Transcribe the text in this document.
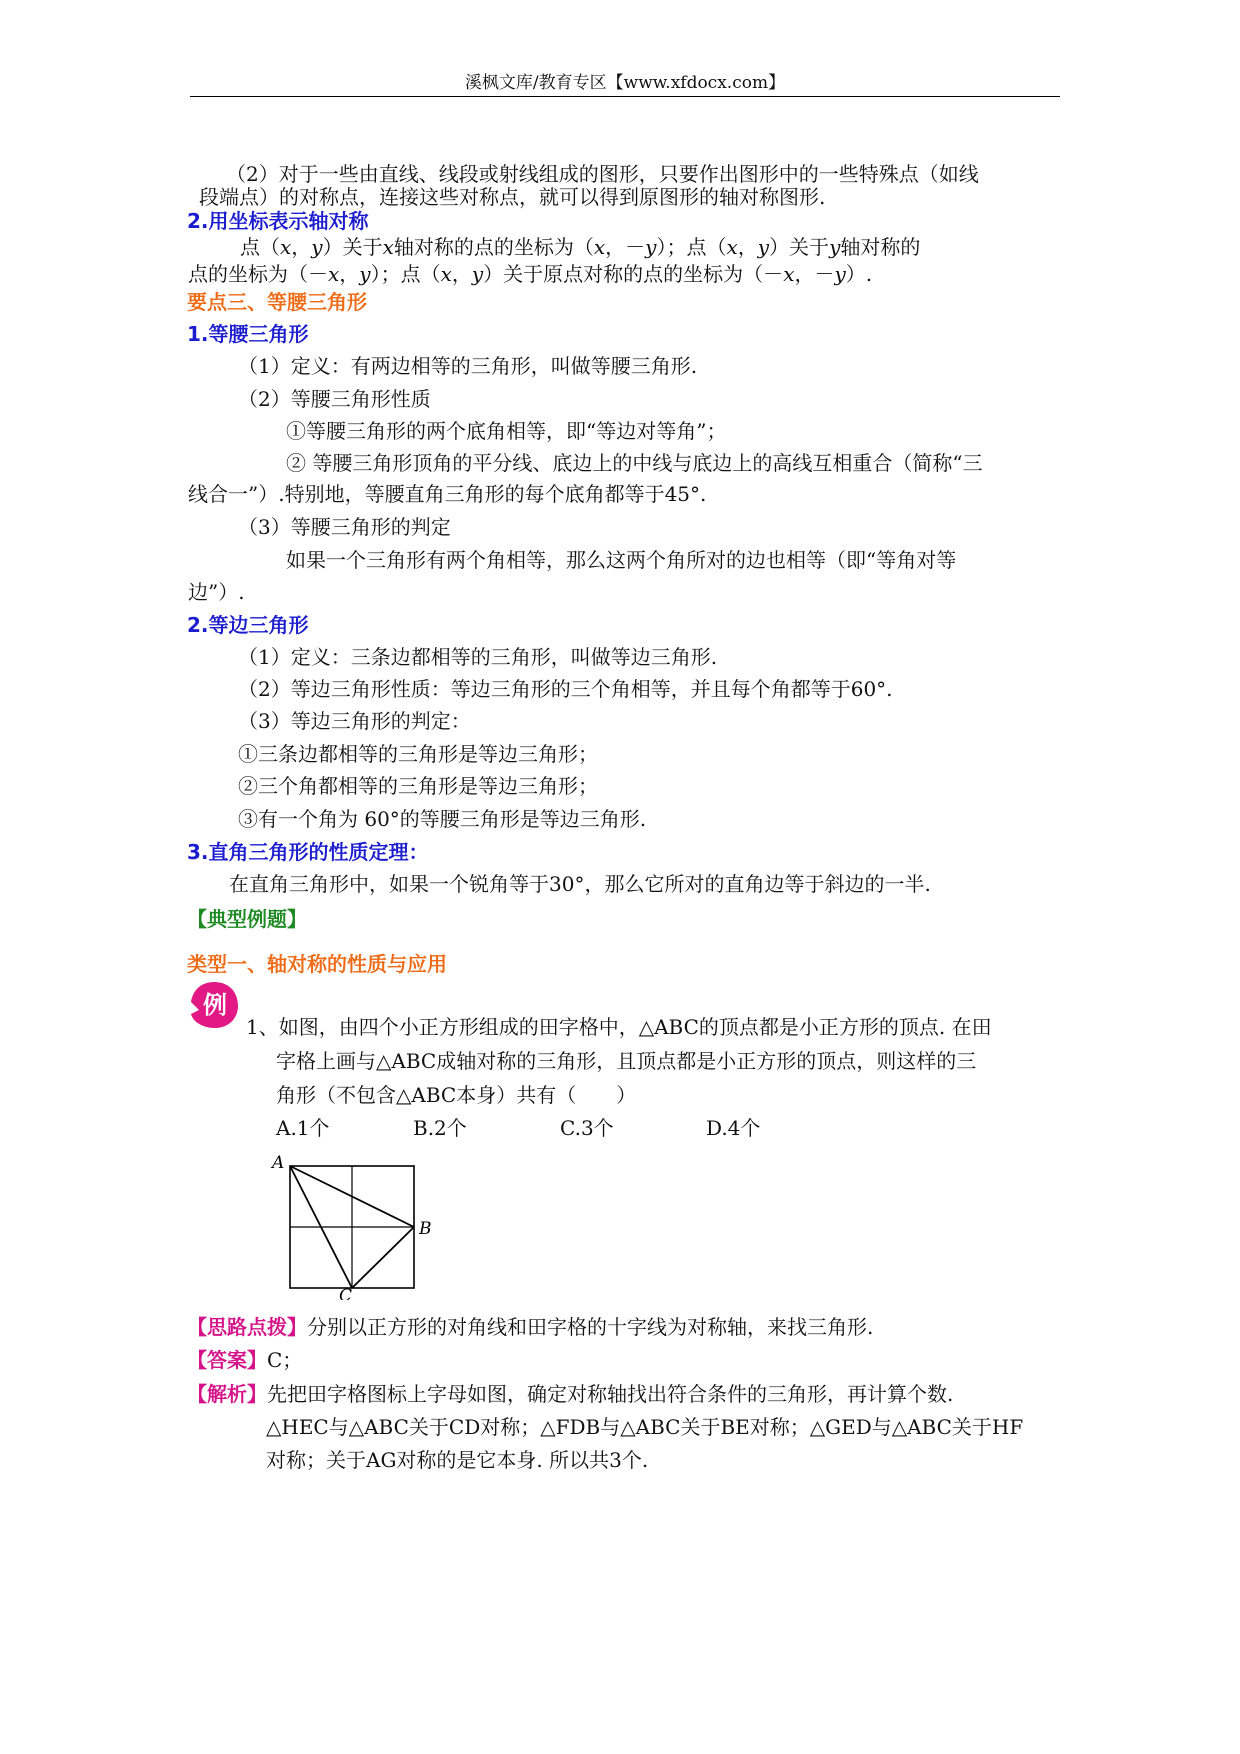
溪枫文库/教育专区【www.xfdocx.com】
（2）对于一些由直线、线段或射线组成的图形，只要作出图形中的一些特殊点（如线
段端点）的对称点，连接这些对称点，就可以得到原图形的轴对称图形.
2.用坐标表示轴对称
点（x，y）关于x轴对称的点的坐标为（x，－y）；点（x，y）关于y轴对称的
点的坐标为（－x，y）；点（x，y）关于原点对称的点的坐标为（－x，－y）.
要点三、等腰三角形
1.等腰三角形
（1）定义：有两边相等的三角形，叫做等腰三角形.
（2）等腰三角形性质
①等腰三角形的两个底角相等，即“等边对等角”；
② 等腰三角形顶角的平分线、底边上的中线与底边上的高线互相重合（简称“三
线合一”）.特别地，等腰直角三角形的每个底角都等于45°.
（3）等腰三角形的判定
如果一个三角形有两个角相等，那么这两个角所对的边也相等（即“等角对等
边”）.
2.等边三角形
（1）定义：三条边都相等的三角形，叫做等边三角形.
（2）等边三角形性质：等边三角形的三个角相等，并且每个角都等于60°.
（3）等边三角形的判定：
①三条边都相等的三角形是等边三角形；
②三个角都相等的三角形是等边三角形；
③有一个角为 60°的等腰三角形是等边三角形.
3.直角三角形的性质定理：
在直角三角形中，如果一个锐角等于30°，那么它所对的直角边等于斜边的一半.
【典型例题】
类型一、轴对称的性质与应用
例
1、如图，由四个小正方形组成的田字格中，△ABC的顶点都是小正方形的顶点. 在田
字格上画与△ABC成轴对称的三角形，且顶点都是小正方形的顶点，则这样的三
角形（不包含△ABC本身）共有（　　）
A.1个	B.2个	C.3个	D.4个
A
B
C
【思路点拨】分别以正方形的对角线和田字格的十字线为对称轴，来找三角形.
【答案】C；
【解析】先把田字格图标上字母如图，确定对称轴找出符合条件的三角形，再计算个数.
△HEC与△ABC关于CD对称；△FDB与△ABC关于BE对称；△GED与△ABC关于HF
对称；关于AG对称的是它本身. 所以共3个.
